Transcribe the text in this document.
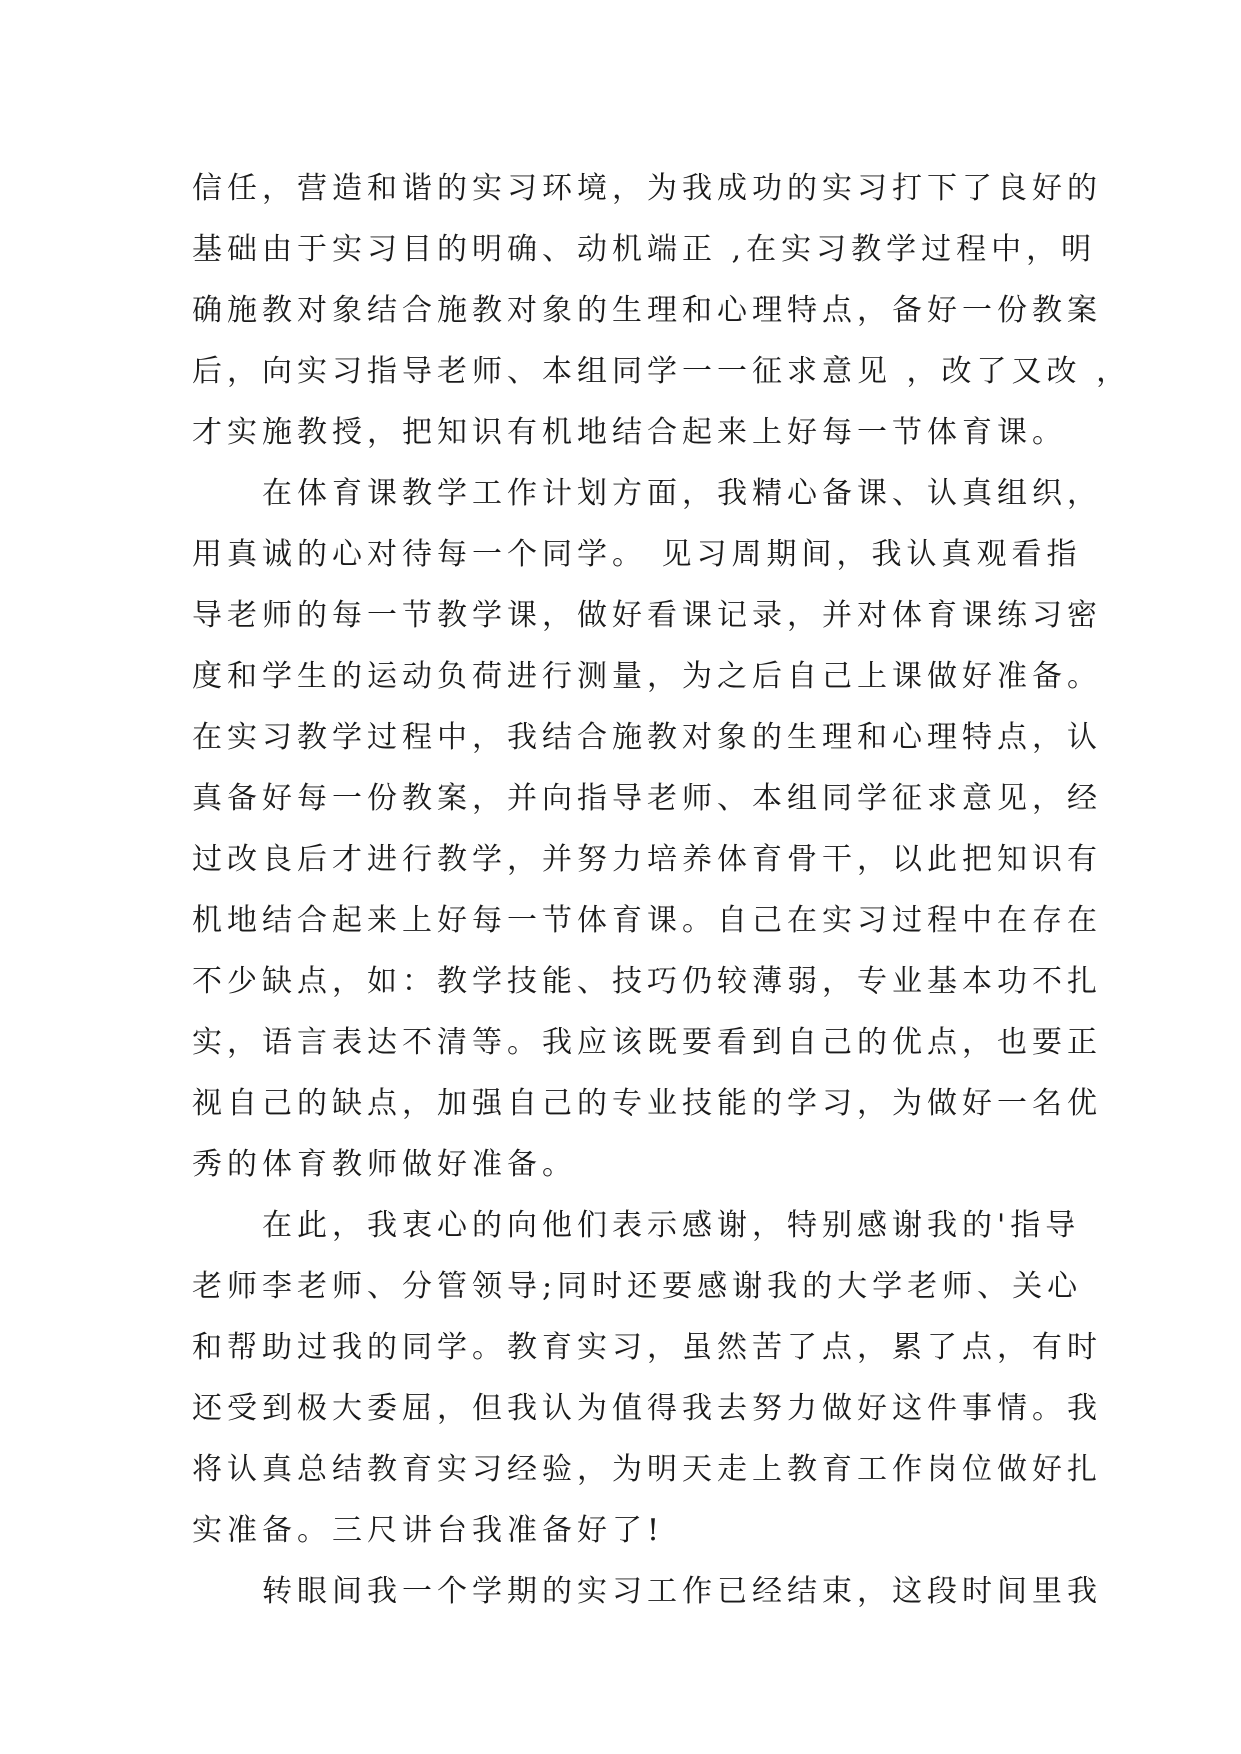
信任，营造和谐的实习环境，为我成功的实习打下了良好的
基础由于实习目的明确、动机端正 ,在实习教学过程中，明
确施教对象结合施教对象的生理和心理特点，备好一份教案
后，向实习指导老师、本组同学一一征求意见 ，改了又改 ，
才实施教授，把知识有机地结合起来上好每一节体育课。
　　在体育课教学工作计划方面，我精心备课、认真组织，
用真诚的心对待每一个同学。 见习周期间，我认真观看指
导老师的每一节教学课，做好看课记录，并对体育课练习密
度和学生的运动负荷进行测量，为之后自己上课做好准备。
在实习教学过程中，我结合施教对象的生理和心理特点，认
真备好每一份教案，并向指导老师、本组同学征求意见，经
过改良后才进行教学，并努力培养体育骨干，以此把知识有
机地结合起来上好每一节体育课。自己在实习过程中在存在
不少缺点，如：教学技能、技巧仍较薄弱，专业基本功不扎
实，语言表达不清等。我应该既要看到自己的优点，也要正
视自己的缺点，加强自己的专业技能的学习，为做好一名优
秀的体育教师做好准备。
　　在此，我衷心的向他们表示感谢，特别感谢我的'指导
老师李老师、分管领导;同时还要感谢我的大学老师、关心
和帮助过我的同学。教育实习，虽然苦了点，累了点，有时
还受到极大委屈，但我认为值得我去努力做好这件事情。我
将认真总结教育实习经验，为明天走上教育工作岗位做好扎
实准备。三尺讲台我准备好了!
　　转眼间我一个学期的实习工作已经结束，这段时间里我
